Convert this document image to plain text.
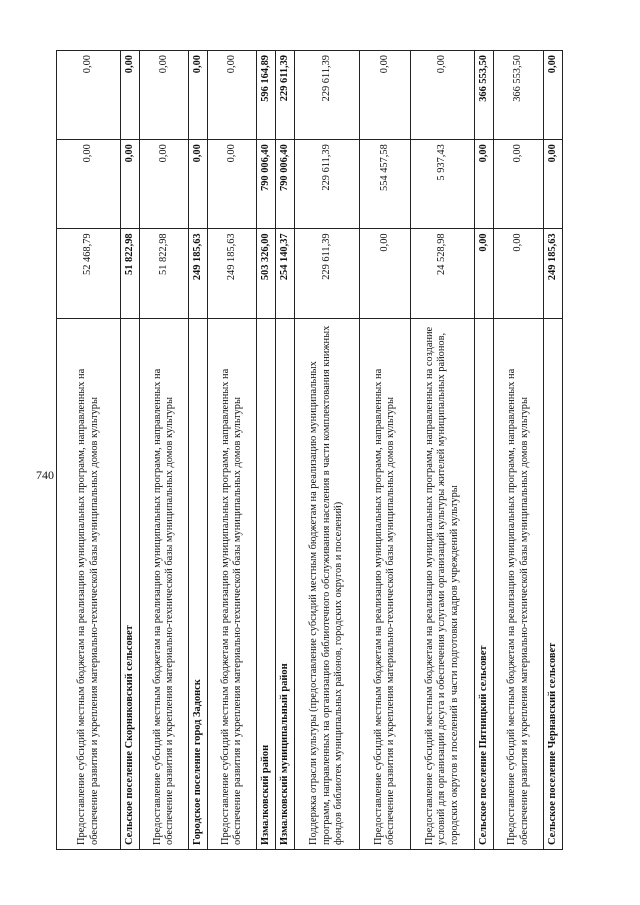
740 Предоставление субсидий местным бюджетам на реализацию муниципальных программ, направленных на обеспечение развития и укрепления материально-технической базы муниципальных домов культуры	52 468,79	0,00	0,00
Сельское поселение Скорняковский сельсовет	51 822,98	0,00	0,00
Предоставление субсидий местным бюджетам на реализацию муниципальных программ, направленных на обеспечение развития и укрепления материально-технической базы муниципальных домов культуры	51 822,98	0,00	0,00
Городское поселение город Задонск	249 185,63	0,00	0,00
Предоставление субсидий местным бюджетам на реализацию муниципальных программ, направленных на обеспечение развития и укрепления материально-технической базы муниципальных домов культуры	249 185,63	0,00	0,00
Измалковский район	503 326,00	790 006,40	596 164,89
Измалковский муниципальный район	254 140,37	790 006,40	229 611,39
Поддержка отрасли культуры (предоставление субсидий местным бюджетам на реализацию муниципальных программ, направленных на организацию библиотечного обслуживания населения в части комплектования книжных фондов библиотек муниципальных районов, городских округов и поселений)	229 611,39	229 611,39	229 611,39
Предоставление субсидий местным бюджетам на реализацию муниципальных программ, направленных на обеспечение развития и укрепления материально-технической базы муниципальных домов культуры	0,00	554 457,58	0,00
Предоставление субсидий местным бюджетам на реализацию муниципальных программ, направленных на создание условий для организации досуга и обеспечения услугами организаций культуры жителей муниципальных районов, городских округов и поселений в части подготовки кадров учреждений культуры	24 528,98	5 937,43	0,00
Сельское поселение Пятницкий сельсовет	0,00	0,00	366 553,50
Предоставление субсидий местным бюджетам на реализацию муниципальных программ, направленных на обеспечение развития и укрепления материально-технической базы муниципальных домов культуры	0,00	0,00	366 553,50
Сельское поселение Чернавский сельсовет	249 185,63	0,00	0,00
